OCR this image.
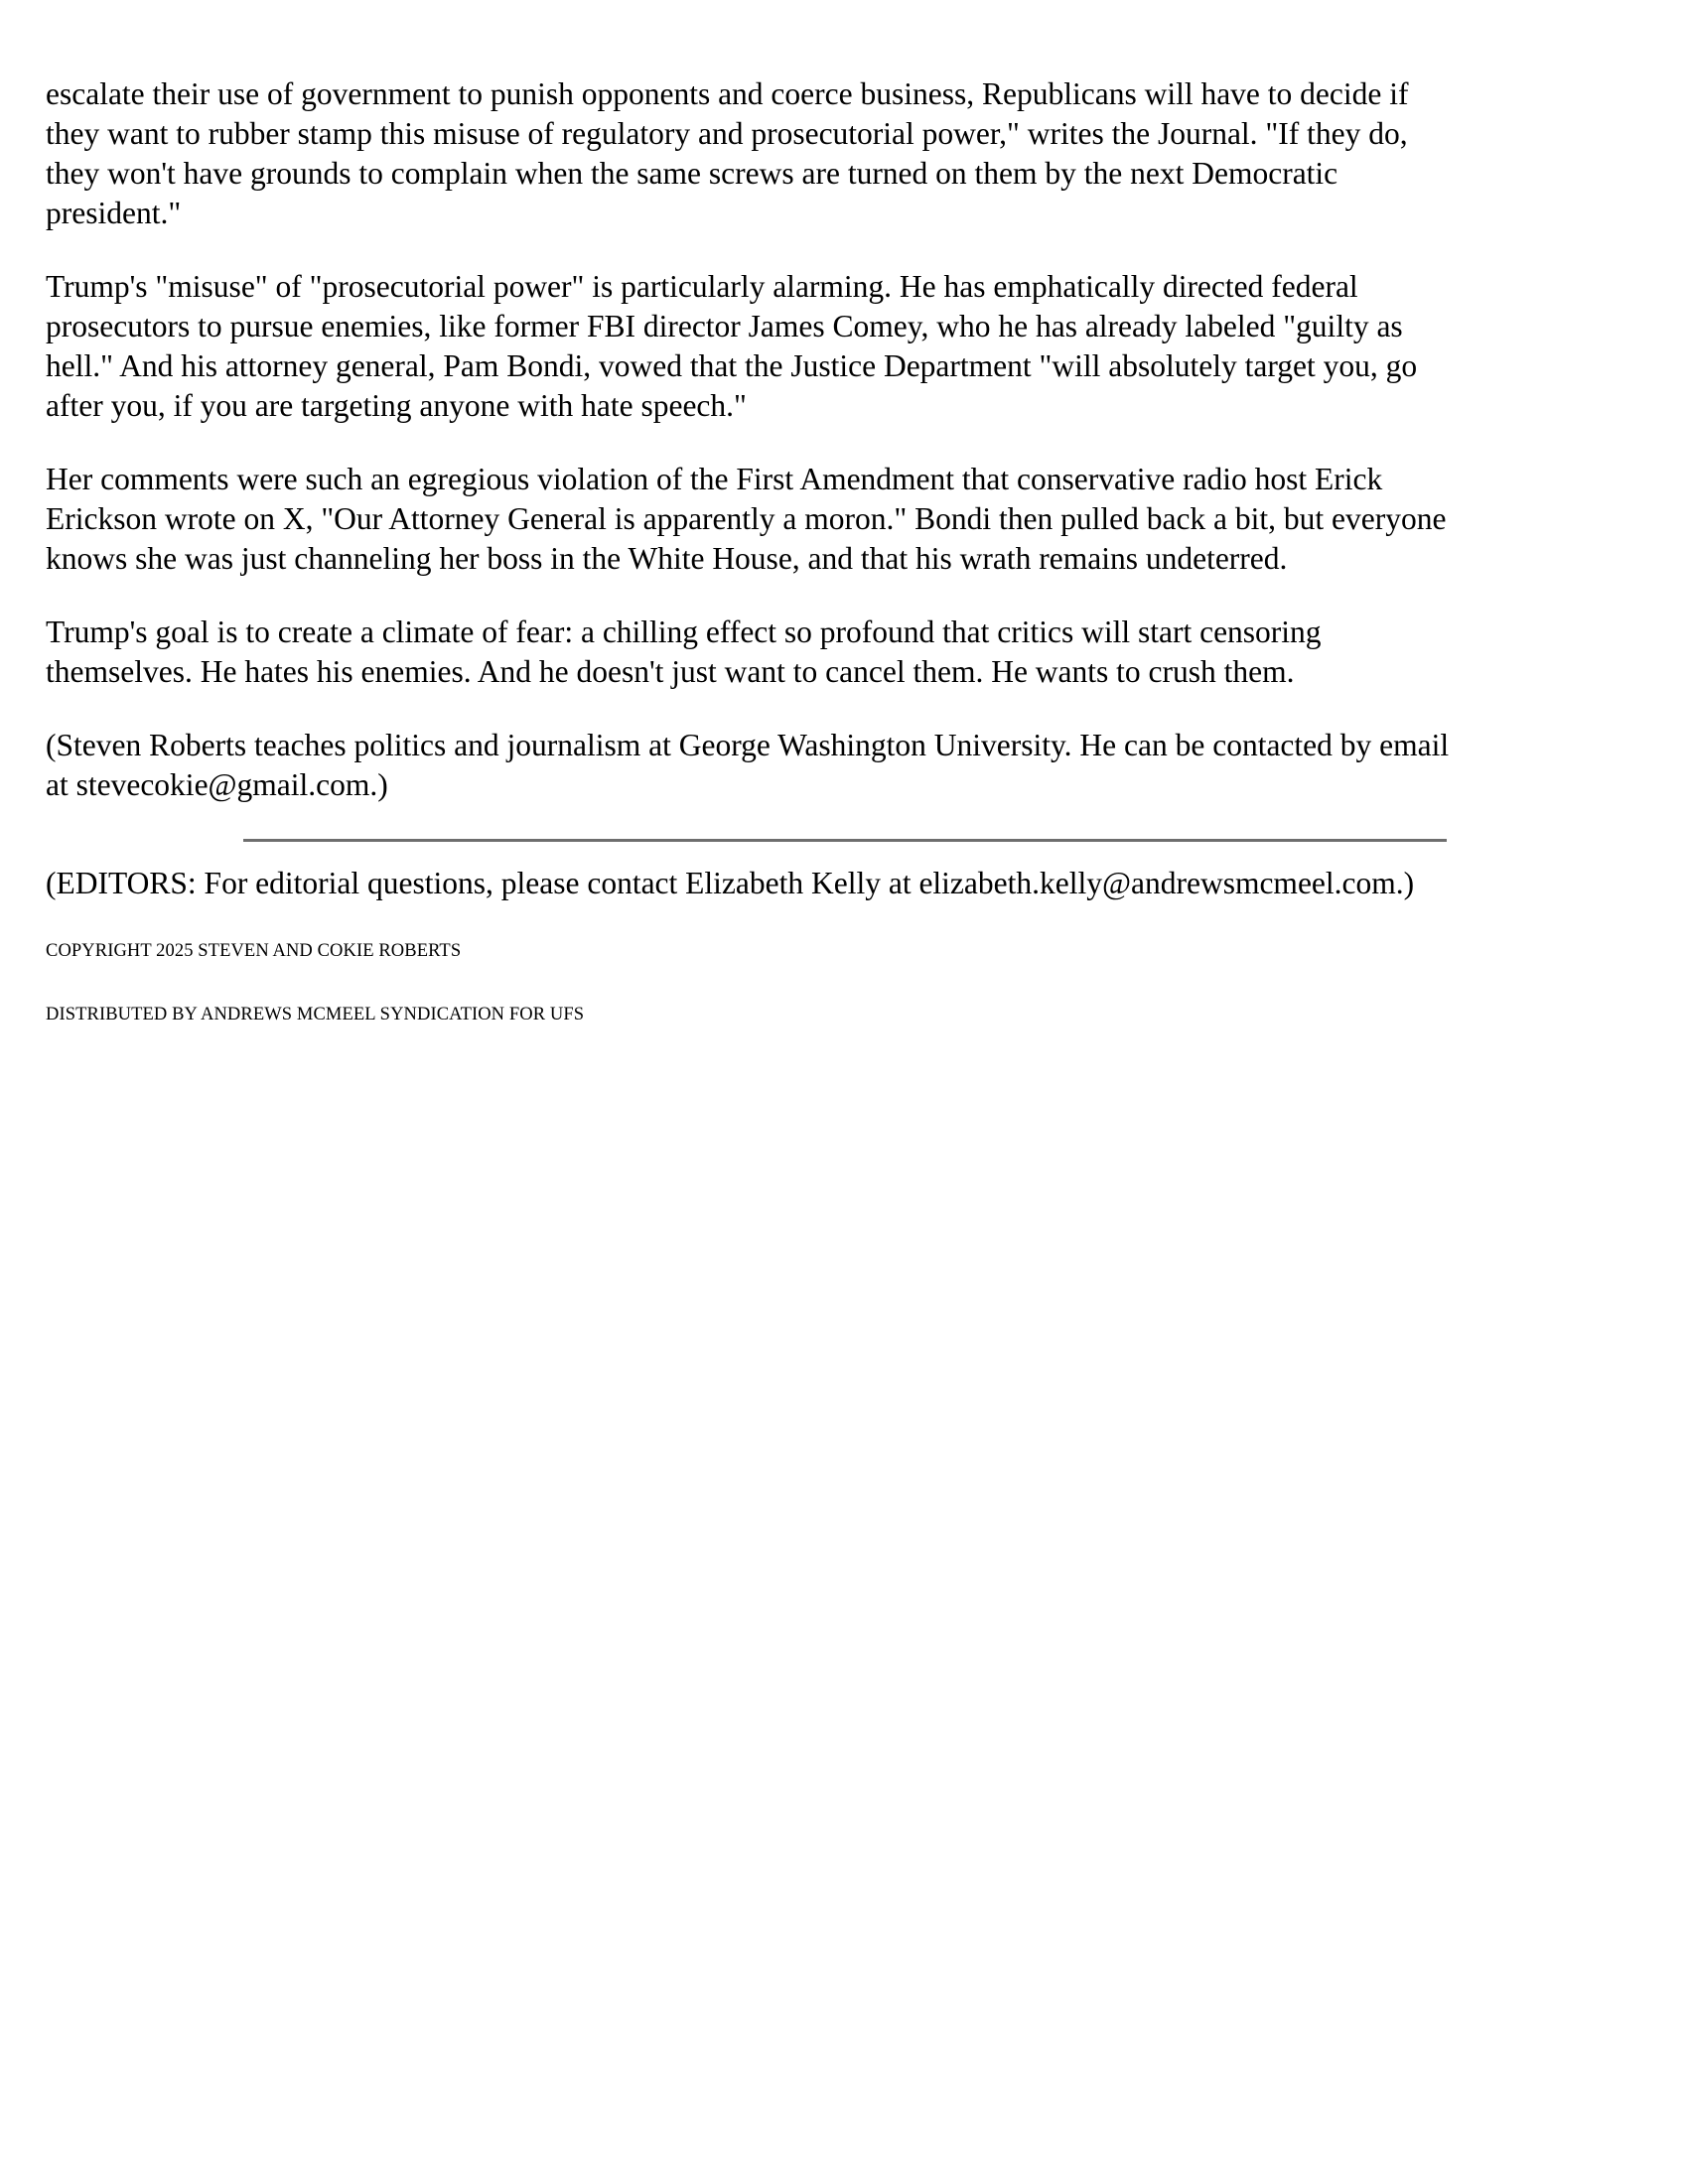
escalate their use of government to punish opponents and coerce business, Republicans will have to decide if
they want to rubber stamp this misuse of regulatory and prosecutorial power," writes the Journal. "If they do,
they won't have grounds to complain when the same screws are turned on them by the next Democratic
president."

Trump's "misuse" of "prosecutorial power" is particularly alarming. He has emphatically directed federal
prosecutors to pursue enemies, like former FBI director James Comey, who he has already labeled "guilty as
hell." And his attorney general, Pam Bondi, vowed that the Justice Department "will absolutely target you, go
after you, if you are targeting anyone with hate speech."

Her comments were such an egregious violation of the First Amendment that conservative radio host Erick
Erickson wrote on X, "Our Attorney General is apparently a moron." Bondi then pulled back a bit, but everyone
knows she was just channeling her boss in the White House, and that his wrath remains undeterred.

Trump's goal is to create a climate of fear: a chilling effect so profound that critics will start censoring
themselves. He hates his enemies. And he doesn't just want to cancel them. He wants to crush them.

(Steven Roberts teaches politics and journalism at George Washington University. He can be contacted by email
at stevecokie@gmail.com.)

(EDITORS: For editorial questions, please contact Elizabeth Kelly at elizabeth.kelly@andrewsmcmeel.com.)

COPYRIGHT 2025 STEVEN AND COKIE ROBERTS

DISTRIBUTED BY ANDREWS MCMEEL SYNDICATION FOR UFS
